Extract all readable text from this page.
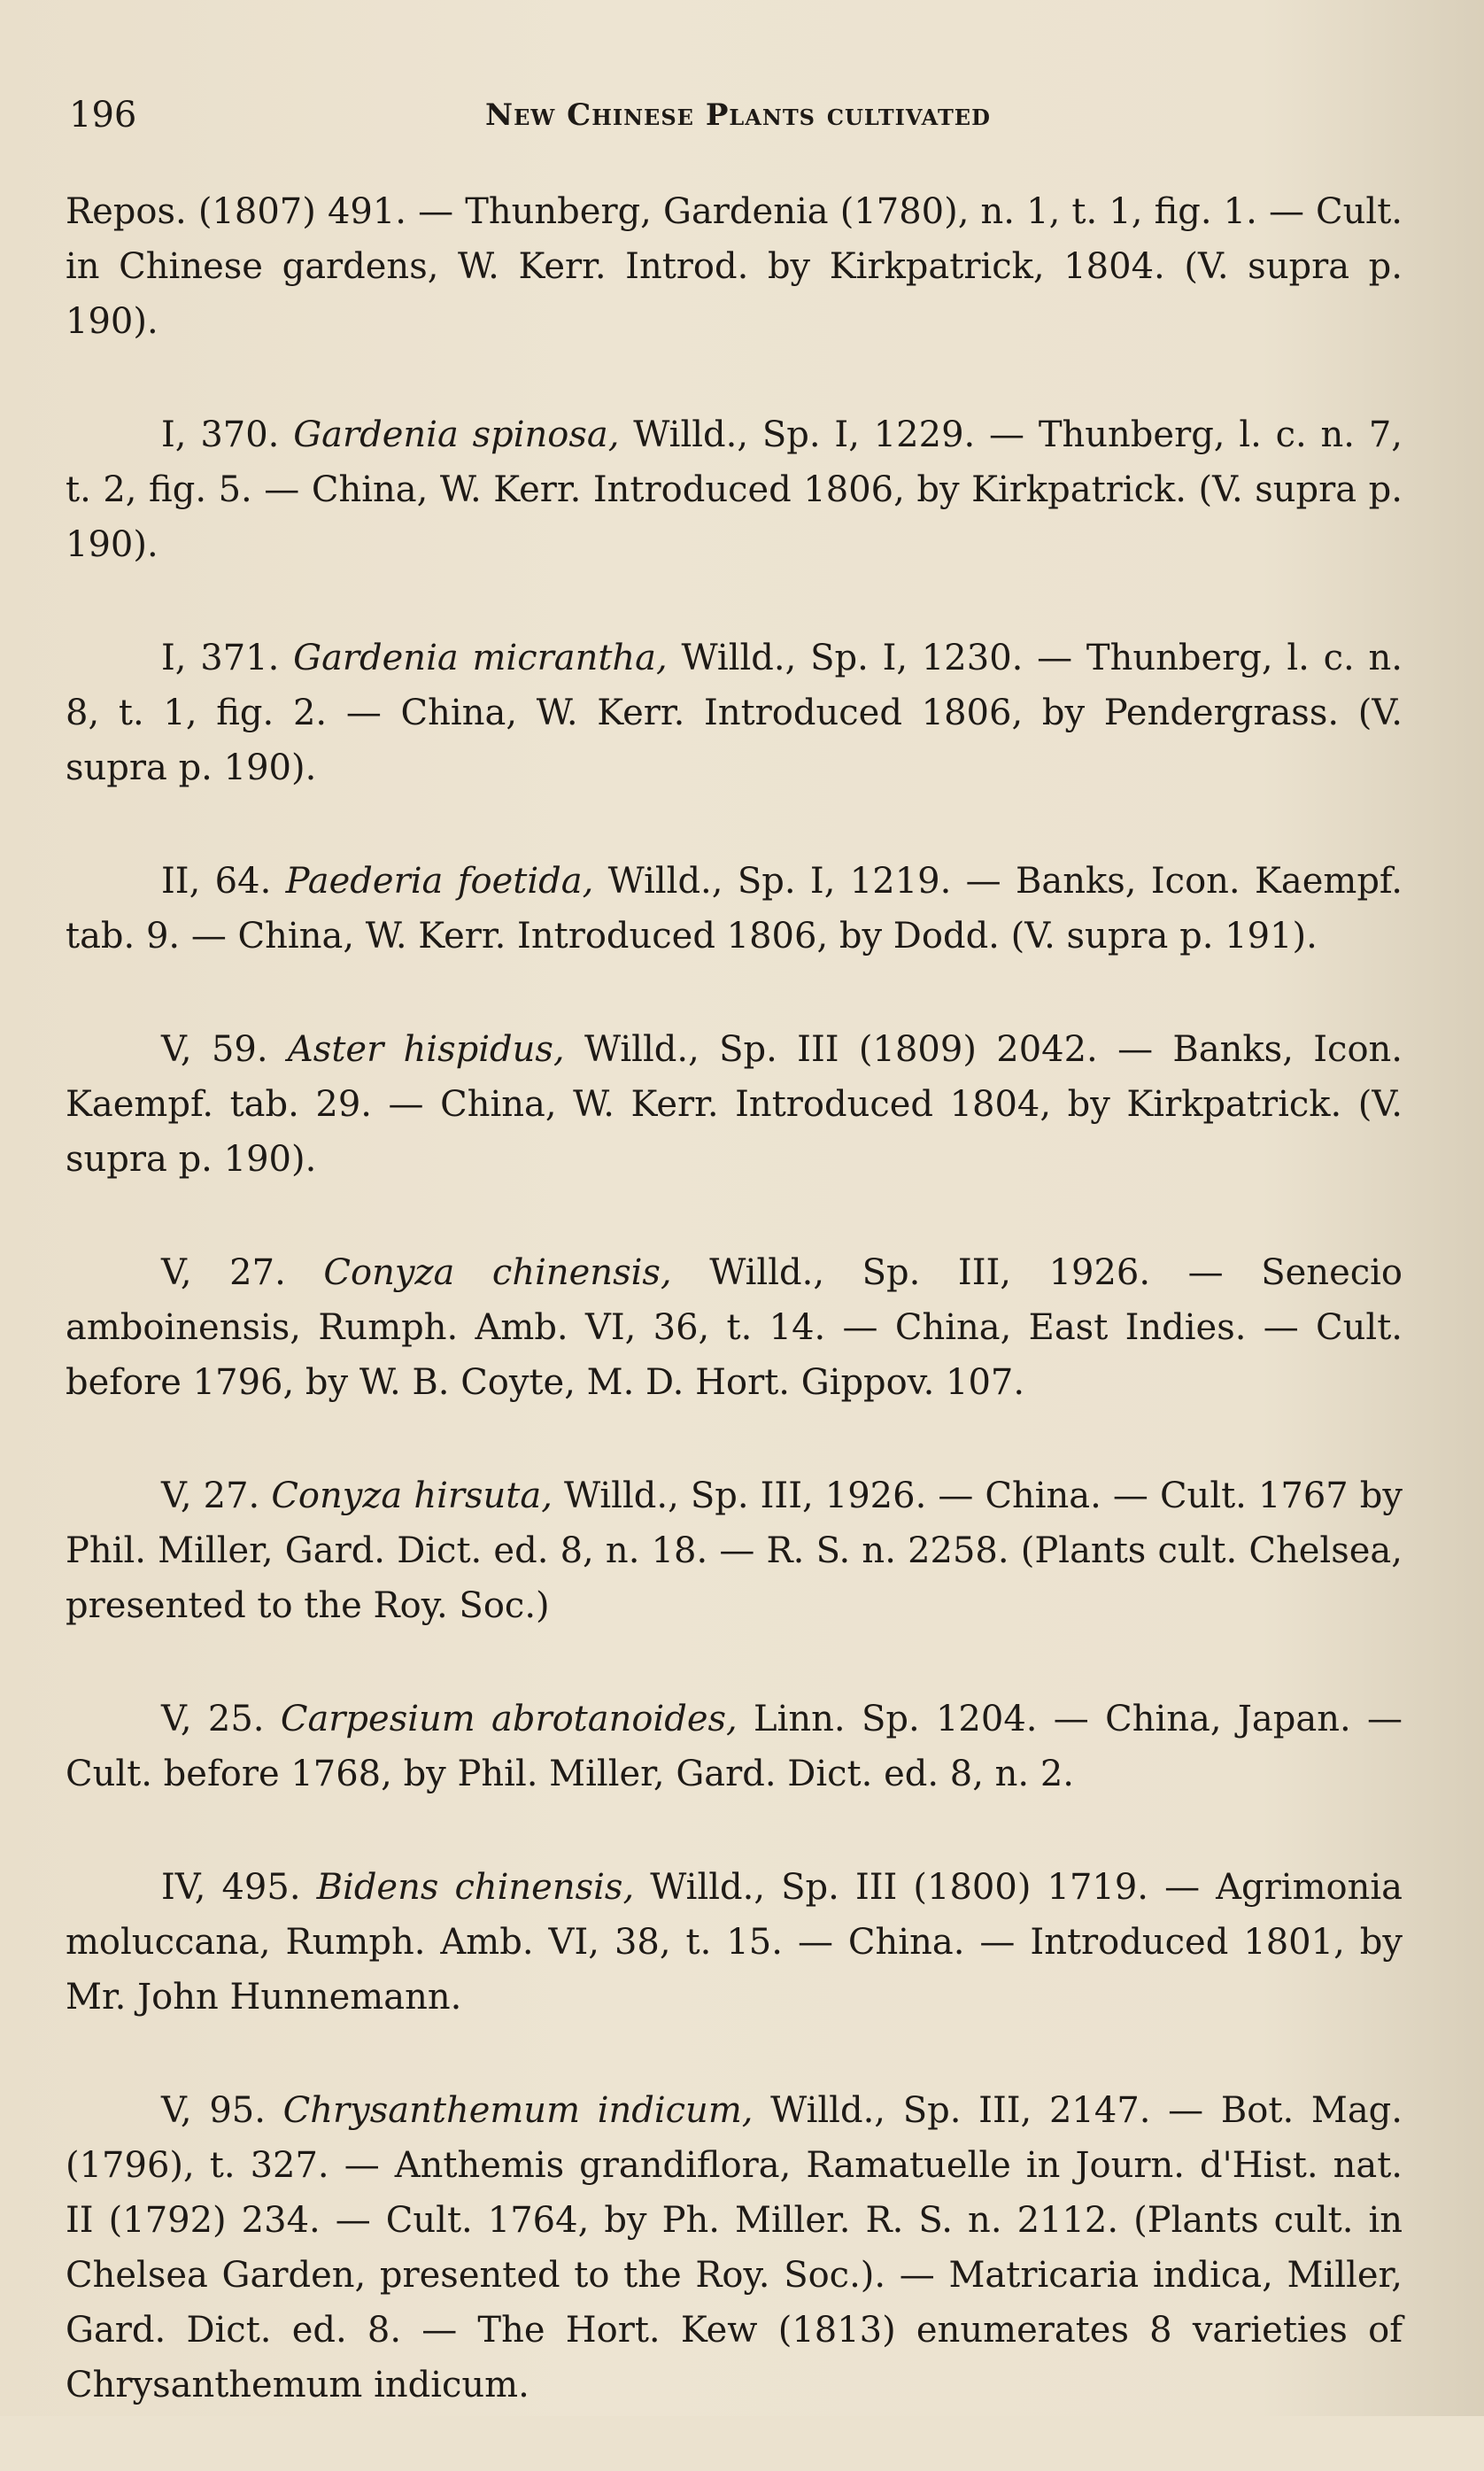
196	New Chinese Plants cultivated

Repos. (1807) 491. — Thunberg, Gardenia (1780), n. 1, t. 1, fig. 1. — Cult. in Chinese gardens, W. Kerr. Introd. by Kirkpatrick, 1804. (V. supra p. 190).

I, 370. Gardenia spinosa, Willd., Sp. I, 1229. — Thunberg, l. c. n. 7, t. 2, fig. 5. — China, W. Kerr. Introduced 1806, by Kirkpatrick. (V. supra p. 190).

I, 371. Gardenia micrantha, Willd., Sp. I, 1230. — Thunberg, l. c. n. 8, t. 1, fig. 2. — China, W. Kerr. Introduced 1806, by Pendergrass. (V. supra p. 190).

II, 64. Paederia foetida, Willd., Sp. I, 1219. — Banks, Icon. Kaempf. tab. 9. — China, W. Kerr. Introduced 1806, by Dodd. (V. supra p. 191).

V, 59. Aster hispidus, Willd., Sp. III (1809) 2042. — Banks, Icon. Kaempf. tab. 29. — China, W. Kerr. Introduced 1804, by Kirkpatrick. (V. supra p. 190).

V, 27. Conyza chinensis, Willd., Sp. III, 1926. — Senecio amboinensis, Rumph. Amb. VI, 36, t. 14. — China, East Indies. — Cult. before 1796, by W. B. Coyte, M. D. Hort. Gippov. 107.

V, 27. Conyza hirsuta, Willd., Sp. III, 1926. — China. — Cult. 1767 by Phil. Miller, Gard. Dict. ed. 8, n. 18. — R. S. n. 2258. (Plants cult. Chelsea, presented to the Roy. Soc.)

V, 25. Carpesium abrotanoides, Linn. Sp. 1204. — China, Japan. — Cult. before 1768, by Phil. Miller, Gard. Dict. ed. 8, n. 2.

IV, 495. Bidens chinensis, Willd., Sp. III (1800) 1719. — Agrimonia moluccana, Rumph. Amb. VI, 38, t. 15. — China. — Introduced 1801, by Mr. John Hunnemann.

V, 95. Chrysanthemum indicum, Willd., Sp. III, 2147. — Bot. Mag. (1796), t. 327. — Anthemis grandiflora, Ramatuelle in Journ. d'Hist. nat. II (1792) 234. — Cult. 1764, by Ph. Miller. R. S. n. 2112. (Plants cult. in Chelsea Garden, presented to the Roy. Soc.). — Matricaria indica, Miller, Gard. Dict. ed. 8. — The Hort. Kew (1813) enumerates 8 varieties of Chrysanthemum indicum.
